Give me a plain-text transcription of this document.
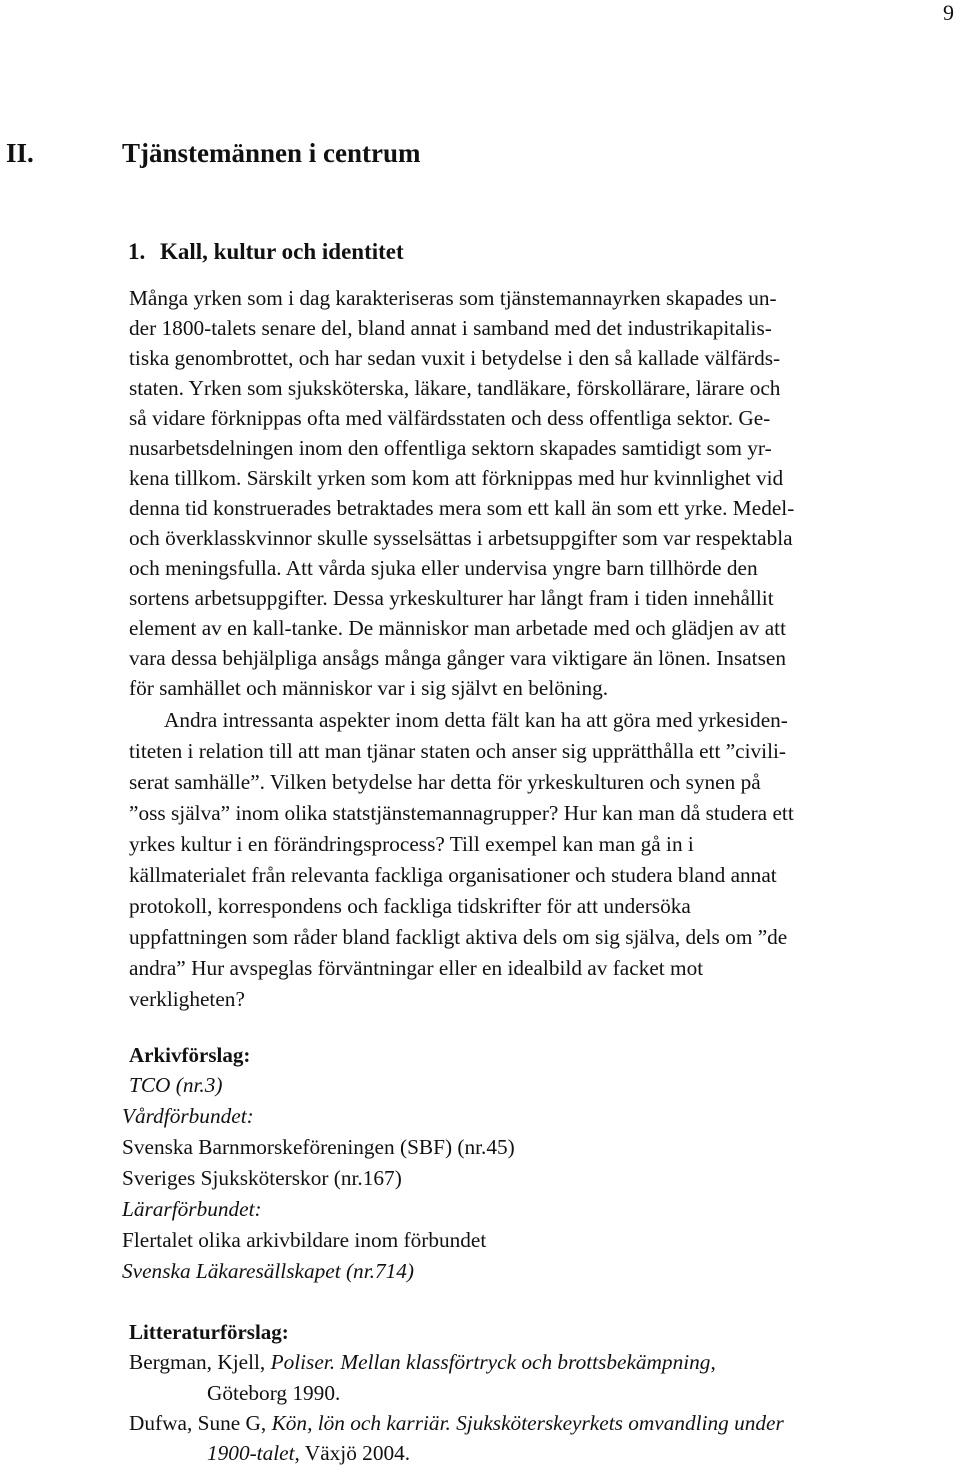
9
II.	Tjänstemännen i centrum
1. Kall, kultur och identitet
Många yrken som i dag karakteriseras som tjänstemannayrken skapades un-
der 1800-talets senare del, bland annat i samband med det industrikapitalis-
tiska genombrottet, och har sedan vuxit i betydelse i den så kallade välfärds-
staten. Yrken som sjuksköterska, läkare, tandläkare, förskollärare, lärare och
så vidare förknippas ofta med välfärdsstaten och dess offentliga sektor. Ge-
nusarbetsdelningen inom den offentliga sektorn skapades samtidigt som yr-
kena tillkom. Särskilt yrken som kom att förknippas med hur kvinnlighet vid
denna tid konstruerades betraktades mera som ett kall än som ett yrke. Medel-
och överklasskvinnor skulle sysselsättas i arbetsuppgifter som var respektabla
och meningsfulla. Att vårda sjuka eller undervisa yngre barn tillhörde den
sortens arbetsuppgifter. Dessa yrkeskulturer har långt fram i tiden innehållit
element av en kall-tanke. De människor man arbetade med och glädjen av att
vara dessa behjälpliga ansågs många gånger vara viktigare än lönen. Insatsen
för samhället och människor var i sig självt en belöning.
Andra intressanta aspekter inom detta fält kan ha att göra med yrkesiden-
titeten i relation till att man tjänar staten och anser sig upprätthålla ett ”civili-
serat samhälle”. Vilken betydelse har detta för yrkeskulturen och synen på
”oss själva” inom olika statstjänstemannagrupper? Hur kan man då studera ett
yrkes kultur i en förändringsprocess? Till exempel kan man gå in i
källmaterialet från relevanta fackliga organisationer och studera bland annat
protokoll, korrespondens och fackliga tidskrifter för att undersöka
uppfattningen som råder bland fackligt aktiva dels om sig själva, dels om ”de
andra” Hur avspeglas förväntningar eller en idealbild av facket mot
verkligheten?
Arkivförslag:
TCO (nr.3)
Vårdförbundet:
Svenska Barnmorskeföreningen (SBF) (nr.45)
Sveriges Sjuksköterskor (nr.167)
Lärarförbundet:
Flertalet olika arkivbildare inom förbundet
Svenska Läkaresällskapet (nr.714)
Litteraturförslag:
Bergman, Kjell, Poliser. Mellan klassförtryck och brottsbekämpning,
Göteborg 1990.
Dufwa, Sune G, Kön, lön och karriär. Sjuksköterskeyrkets omvandling under
1900-talet, Växjö 2004.
